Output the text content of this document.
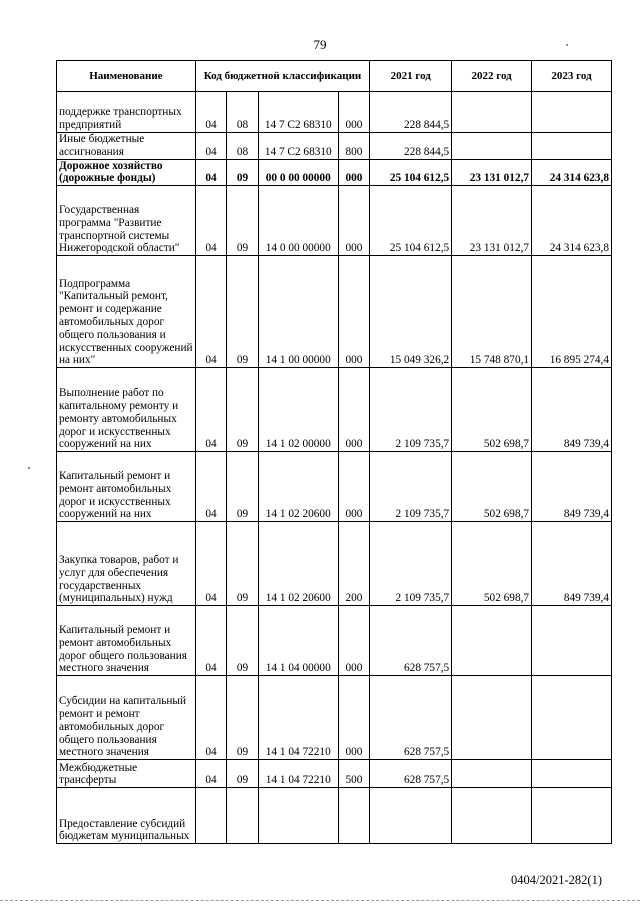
79
Наименование	Код бюджетной классификации				2021 год	2022 год	2023 год
поддержке транспортных предприятий	04	08	14 7 C2 68310	000	228 844,5		
Иные бюджетные ассигнования	04	08	14 7 C2 68310	800	228 844,5		
Дорожное хозяйство (дорожные фонды)	04	09	00 0 00 00000	000	25 104 612,5	23 131 012,7	24 314 623,8
Государственная программа "Развитие транспортной системы Нижегородской области"	04	09	14 0 00 00000	000	25 104 612,5	23 131 012,7	24 314 623,8
Подпрограмма "Капитальный ремонт, ремонт и содержание автомобильных дорог общего пользования и искусственных сооружений на них"	04	09	14 1 00 00000	000	15 049 326,2	15 748 870,1	16 895 274,4
Выполнение работ по капитальному ремонту и ремонту автомобильных дорог и искусственных сооружений на них	04	09	14 1 02 00000	000	2 109 735,7	502 698,7	849 739,4
Капитальный ремонт и ремонт автомобильных дорог и искусственных сооружений на них	04	09	14 1 02 20600	000	2 109 735,7	502 698,7	849 739,4
Закупка товаров, работ и услуг для обеспечения государственных (муниципальных) нужд	04	09	14 1 02 20600	200	2 109 735,7	502 698,7	849 739,4
Капитальный ремонт и ремонт автомобильных дорог общего пользования местного значения	04	09	14 1 04 00000	000	628 757,5		
Субсидии на капитальный ремонт и ремонт автомобильных дорог общего пользования местного значения	04	09	14 1 04 72210	000	628 757,5		
Межбюджетные трансферты	04	09	14 1 04 72210	500	628 757,5		
Предоставление субсидий бюджетам муниципальных							
0404/2021-282(1)
